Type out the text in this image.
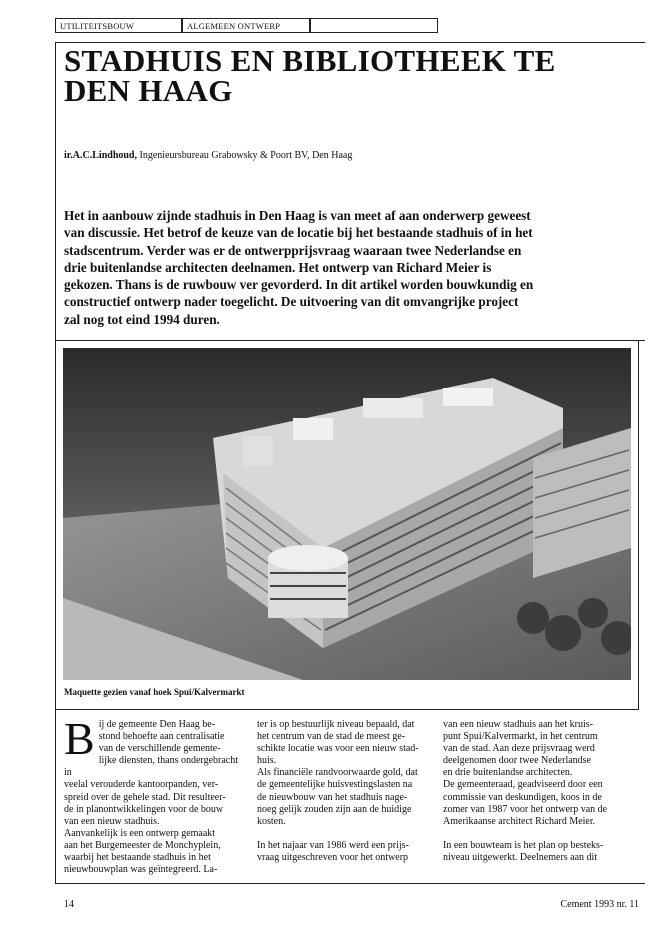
UTILITEITSBOUW	ALGEMEEN ONTWERP
STADHUIS EN BIBLIOTHEEK TE
DEN HAAG
ir.A.C.Lindhoud, Ingenieursbureau Grabowsky & Poort BV, Den Haag
Het in aanbouw zijnde stadhuis in Den Haag is van meet af aan onderwerp geweest
van discussie. Het betrof de keuze van de locatie bij het bestaande stadhuis of in het
stadscentrum. Verder was er de ontwerpprijsvraag waaraan twee Nederlandse en
drie buitenlandse architecten deelnamen. Het ontwerp van Richard Meier is
gekozen. Thans is de ruwbouw ver gevorderd. In dit artikel worden bouwkundig en
constructief ontwerp nader toegelicht. De uitvoering van dit omvangrijke project
zal nog tot eind 1994 duren.
Maquette gezien vanaf hoek Spui/Kalvermarkt
B ij de gemeente Den Haag be-

stond behoefte aan centralisatie

van de verschillende gemente-

lijke diensten, thans ondergebracht in

veelal verouderde kantoorpanden, ver-

spreid over de gehele stad. Dit resulteer-

de in planontwikkelingen voor de bouw

van een nieuw stadhuis.

Aanvankelijk is een ontwerp gemaakt

aan het Burgemeester de Monchyplein,

waarbij het bestaande stadhuis in het

nieuwbouwplan was geïntegreerd. La-

ter is op bestuurlijk niveau bepaald, dat

het centrum van de stad de meest ge-

schikte locatie was voor een nieuw stad-

huis.

Als financiële randvoorwaarde gold, dat

de gemeentelijke huisvestingslasten na

de nieuwbouw van het stadhuis nage-

noeg gelijk zouden zijn aan de huidige

kosten.

In het najaar van 1986 werd een prijs-

vraag uitgeschreven voor het ontwerp

van een nieuw stadhuis aan het kruis-

punt Spui/Kalvermarkt, in het centrum

van de stad. Aan deze prijsvraag werd

deelgenomen door twee Nederlandse

en drie buitenlandse architecten.

De gemeenteraad, geadviseerd door een

commissie van deskundigen, koos in de

zomer van 1987 voor het ontwerp van de

Amerikaanse architect Richard Meier.

In een bouwteam is het plan op besteks-

niveau uitgewerkt. Deelnemers aan dit

14	Cement 1993 nr. 11
